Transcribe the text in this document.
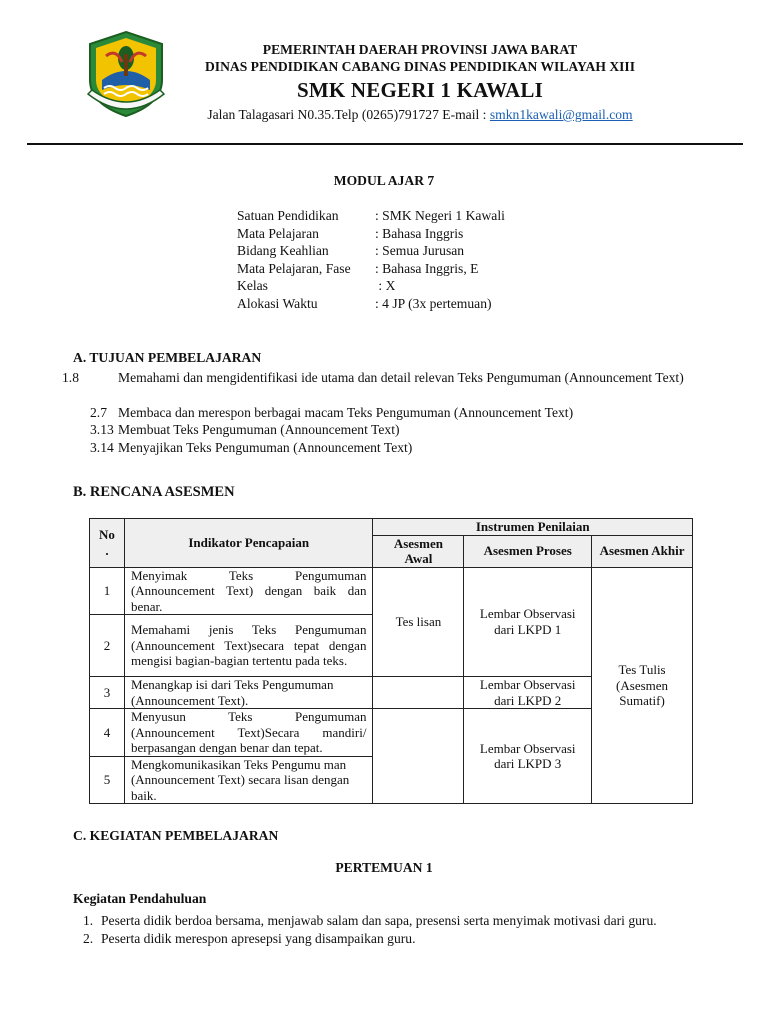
PEMERINTAH DAERAH PROVINSI JAWA BARAT
DINAS PENDIDIKAN CABANG DINAS PENDIDIKAN WILAYAH XIII
SMK NEGERI 1 KAWALI
Jalan Talagasari N0.35.Telp (0265)791727 E-mail : smkn1kawali@gmail.com
MODUL AJAR 7
Satuan Pendidikan	: SMK Negeri 1 Kawali
Mata Pelajaran	: Bahasa Inggris
Bidang Keahlian	: Semua Jurusan
Mata Pelajaran, Fase : Bahasa Inggris, E
Kelas	: X
Alokasi Waktu	: 4 JP (3x pertemuan)
A. TUJUAN PEMBELAJARAN
1.8	Memahami dan mengidentifikasi ide utama dan detail relevan Teks Pengumuman (Announcement Text)
2.7 Membaca dan merespon berbagai macam Teks Pengumuman (Announcement Text)
3.13 Membuat Teks Pengumuman (Announcement Text)
3.14 Menyajikan Teks Pengumuman (Announcement Text)
B. RENCANA ASESMEN
No .	Indikator Pencapaian	Instrumen Penilaian		
		Asesmen Awal	Asesmen Proses	Asesmen Akhir
1	Menyimak Teks Pengumuman (Announcement Text) dengan baik dan benar.	Tes lisan	Lembar Observasi dari LKPD 1	Tes Tulis (Asesmen Sumatif)
2	Memahami jenis Teks Pengumuman (Announcement Text)secara tepat dengan mengisi bagian-bagian tertentu pada teks.			
3	Menangkap isi dari Teks Pengumuman (Announcement Text).		Lembar Observasi dari LKPD 2	
4	Menyusun Teks Pengumuman (Announcement Text)Secara mandiri/ berpasangan dengan benar dan tepat.		Lembar Observasi dari LKPD 3	
5	Mengkomunikasikan Teks Pengumu man (Announcement Text) secara lisan dengan baik.			
C. KEGIATAN PEMBELAJARAN
PERTEMUAN 1
Kegiatan Pendahuluan
1. Peserta didik berdoa bersama, menjawab salam dan sapa, presensi serta menyimak motivasi dari guru.
2. Peserta didik merespon apresepsi yang disampaikan guru.
